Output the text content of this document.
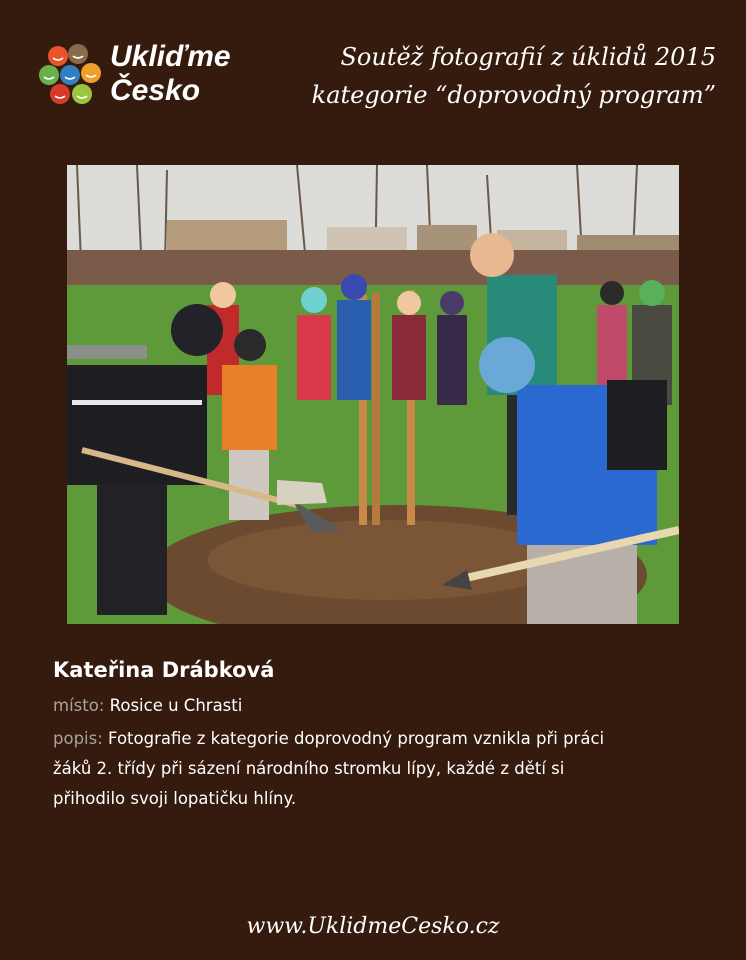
Ukliďme
Česko
Soutěž fotografií z úklidů 2015
kategorie “doprovodný program”
Kateřina Drábková
místo: Rosice u Chrasti
popis: Fotografie z kategorie doprovodný program vznikla při práci žáků 2. třídy při sázení národního stromku lípy, každé z dětí si přihodilo svoji lopatičku hlíny.
www.UklidmeCesko.cz
